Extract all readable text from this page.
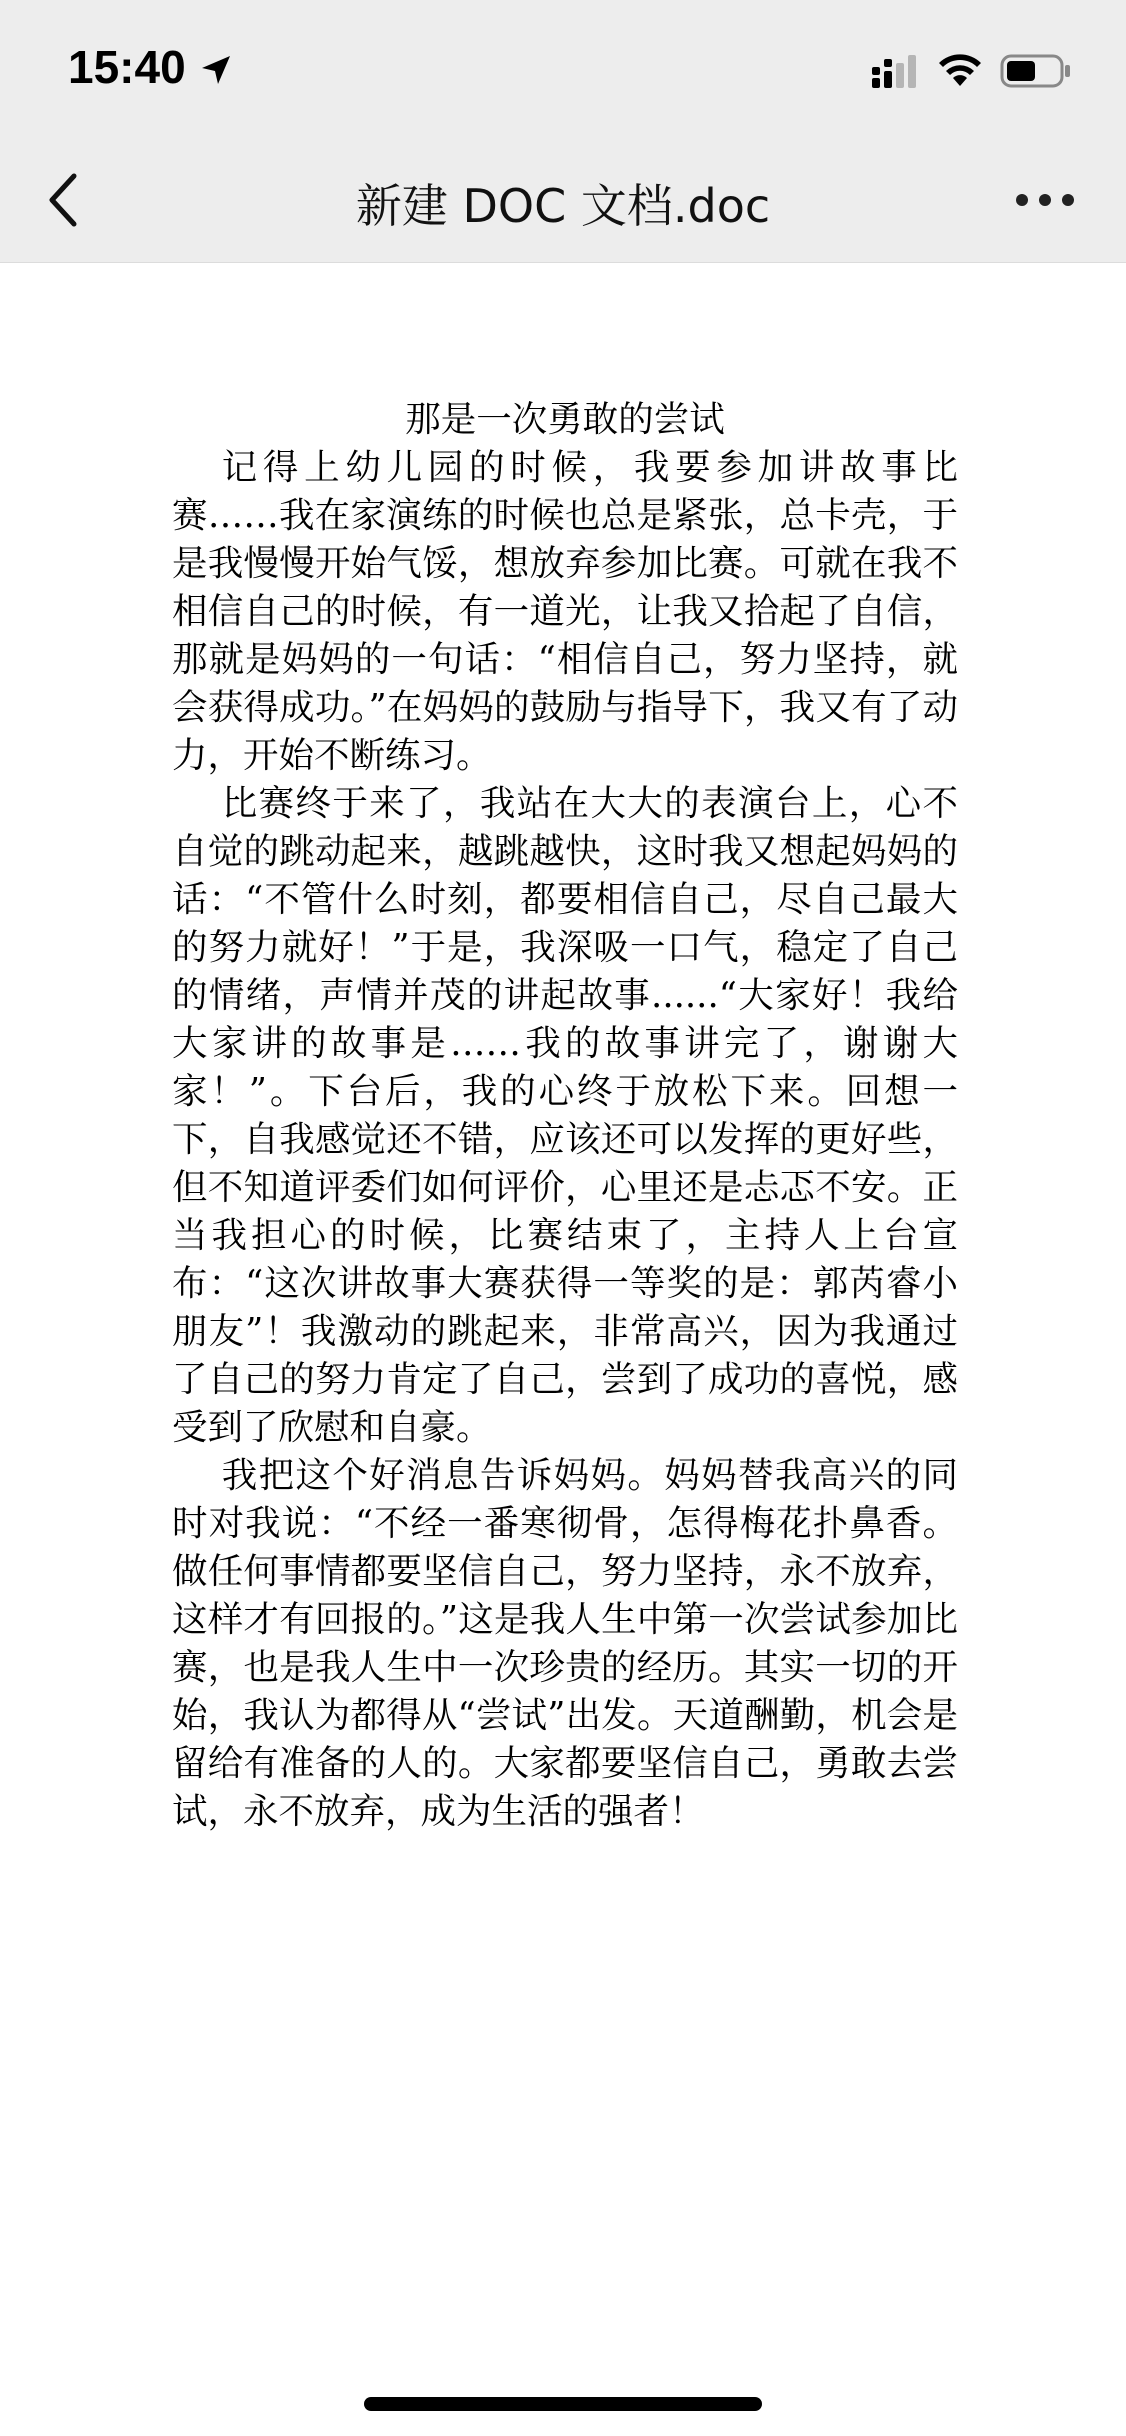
15:40
新建 DOC 文档.doc
那是一次勇敢的尝试

记得上幼儿园的时候，我要参加讲故事比赛……我在家演练的时候也总是紧张，总卡壳，于是我慢慢开始气馁，想放弃参加比赛。可就在我不相信自己的时候，有一道光，让我又拾起了自信，那就是妈妈的一句话：“相信自己，努力坚持，就会获得成功。”在妈妈的鼓励与指导下，我又有了动力，开始不断练习。

比赛终于来了，我站在大大的表演台上，心不自觉的跳动起来，越跳越快，这时我又想起妈妈的话：“不管什么时刻，都要相信自己，尽自己最大的努力就好！”于是，我深吸一口气，稳定了自己的情绪，声情并茂的讲起故事......“大家好！我给大家讲的故事是……我的故事讲完了，谢谢大家！”。下台后，我的心终于放松下来。回想一下，自我感觉还不错，应该还可以发挥的更好些，但不知道评委们如何评价，心里还是忐忑不安。正当我担心的时候，比赛结束了，主持人上台宣布：“这次讲故事大赛获得一等奖的是：郭芮睿小朋友”！我激动的跳起来，非常高兴，因为我通过了自己的努力肯定了自己，尝到了成功的喜悦，感受到了欣慰和自豪。

我把这个好消息告诉妈妈。妈妈替我高兴的同时对我说：“不经一番寒彻骨，怎得梅花扑鼻香。做任何事情都要坚信自己，努力坚持，永不放弃，这样才有回报的。”这是我人生中第一次尝试参加比赛，也是我人生中一次珍贵的经历。其实一切的开始，我认为都得从“尝试”出发。天道酬勤，机会是留给有准备的人的。大家都要坚信自己，勇敢去尝试，永不放弃，成为生活的强者！
